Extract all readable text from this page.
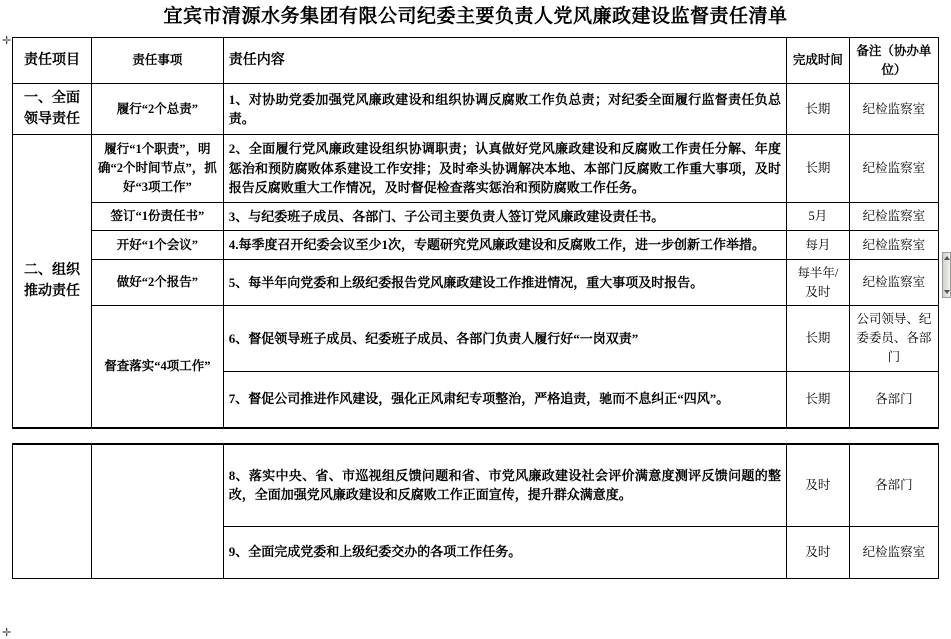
✛
✛
宜宾市清源水务集团有限公司纪委主要负责人党风廉政建设监督责任清单
责任项目	责任事项	责任内容	完成时间	备注（协办单位）
一、全面领导责任	履行“2个总责”	1、对协助党委加强党风廉政建设和组织协调反腐败工作负总责；对纪委全面履行监督责任负总责。	长期	纪检监察室
二、组织推动责任	履行“1个职责”，明确“2个时间节点”，抓好“3项工作”	2、全面履行党风廉政建设组织协调职责；认真做好党风廉政建设和反腐败工作责任分解、年度惩治和预防腐败体系建设工作安排；及时牵头协调解决本地、本部门反腐败工作重大事项，及时报告反腐败重大工作情况，及时督促检查落实惩治和预防腐败工作任务。	长期	纪检监察室
	签订“1份责任书”	3、与纪委班子成员、各部门、子公司主要负责人签订党风廉政建设责任书。	5月	纪检监察室
	开好“1个会议”	4.每季度召开纪委会议至少1次，专题研究党风廉政建设和反腐败工作，进一步创新工作举措。	每月	纪检监察室
	做好“2个报告”	5、每半年向党委和上级纪委报告党风廉政建设工作推进情况，重大事项及时报告。	每半年/及时	纪检监察室
	督查落实“4项工作”	6、督促领导班子成员、纪委班子成员、各部门负责人履行好“一岗双责”	长期	公司领导、纪委委员、各部门
		7、督促公司推进作风建设，强化正风肃纪专项整治，严格追责，驰而不息纠正“四风”。	长期	各部门
		8、落实中央、省、市巡视组反馈问题和省、市党风廉政建设社会评价满意度测评反馈问题的整改，全面加强党风廉政建设和反腐败工作正面宣传，提升群众满意度。	及时	各部门
		9、全面完成党委和上级纪委交办的各项工作任务。	及时	纪检监察室
